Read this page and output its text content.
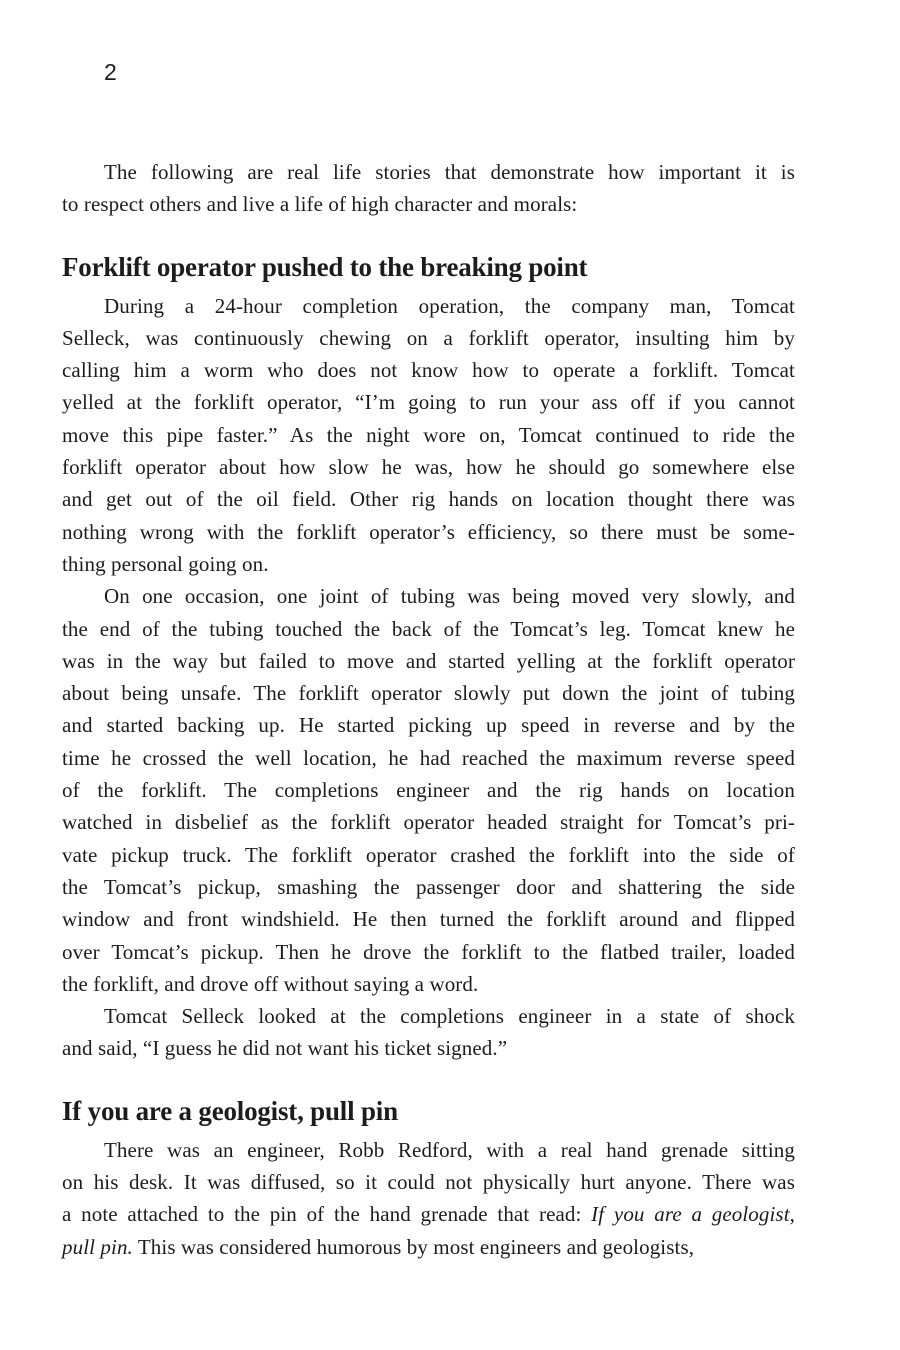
2
The following are real life stories that demonstrate how important it is
to respect others and live a life of high character and morals:
Forklift operator pushed to the breaking point
During a 24-hour completion operation, the company man, Tomcat
Selleck, was continuously chewing on a forklift operator, insulting him by
calling him a worm who does not know how to operate a forklift. Tomcat
yelled at the forklift operator, “I’m going to run your ass off if you cannot
move this pipe faster.” As the night wore on, Tomcat continued to ride the
forklift operator about how slow he was, how he should go somewhere else
and get out of the oil field. Other rig hands on location thought there was
nothing wrong with the forklift operator’s efficiency, so there must be some-
thing personal going on.
On one occasion, one joint of tubing was being moved very slowly, and
the end of the tubing touched the back of the Tomcat’s leg. Tomcat knew he
was in the way but failed to move and started yelling at the forklift operator
about being unsafe. The forklift operator slowly put down the joint of tubing
and started backing up. He started picking up speed in reverse and by the
time he crossed the well location, he had reached the maximum reverse speed
of the forklift. The completions engineer and the rig hands on location
watched in disbelief as the forklift operator headed straight for Tomcat’s pri-
vate pickup truck. The forklift operator crashed the forklift into the side of
the Tomcat’s pickup, smashing the passenger door and shattering the side
window and front windshield. He then turned the forklift around and flipped
over Tomcat’s pickup. Then he drove the forklift to the flatbed trailer, loaded
the forklift, and drove off without saying a word.
Tomcat Selleck looked at the completions engineer in a state of shock
and said, “I guess he did not want his ticket signed.”
If you are a geologist, pull pin
There was an engineer, Robb Redford, with a real hand grenade sitting
on his desk. It was diffused, so it could not physically hurt anyone. There was
a note attached to the pin of the hand grenade that read: If you are a geologist,
pull pin. This was considered humorous by most engineers and geologists,
